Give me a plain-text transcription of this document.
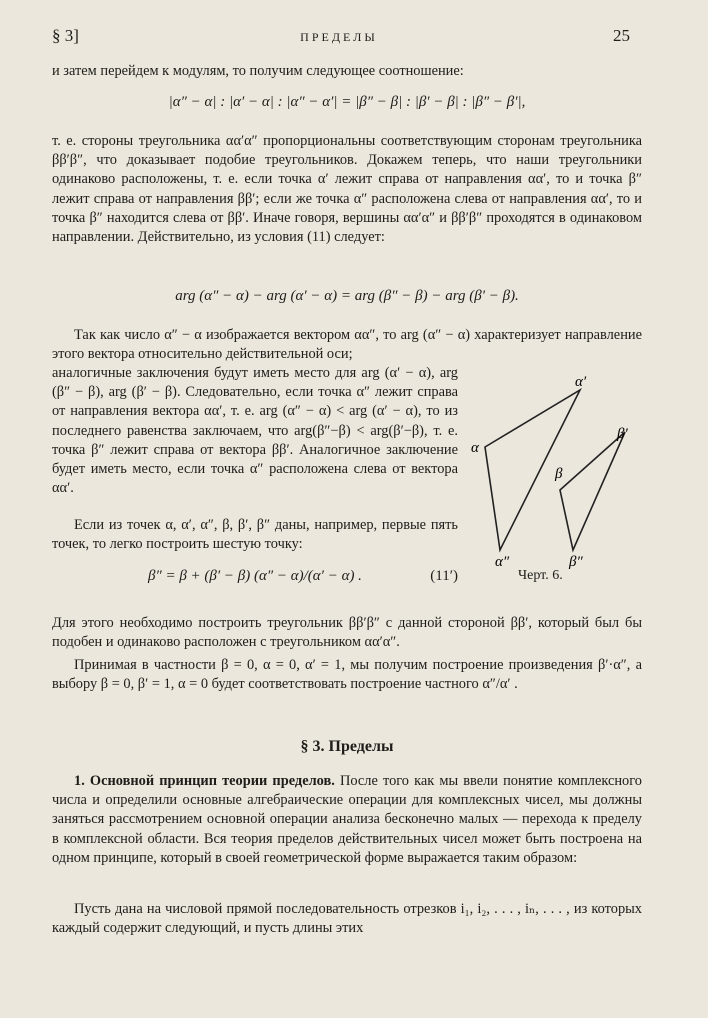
§ 3]	ПРЕДЕЛЫ	25

и затем перейдем к модулям, то получим следующее соотношение:

|α″ − α| : |α′ − α| : |α″ − α′| = |β″ − β| : |β′ − β| : |β″ − β′|,

т. е. стороны треугольника αα′α″ пропорциональны соответствующим сторонам треугольника ββ′β″, что доказывает подобие треугольников. Докажем теперь, что наши треугольники одинаково расположены, т. е. если точка α′ лежит справа от направления αα′, то и точка β″ лежит справа от направления ββ′; если же точка α″ расположена слева от направления αα′, то и точка β″ находится слева от ββ′. Иначе говоря, вершины αα′α″ и ββ′β″ проходятся в одинаковом направлении. Действительно, из условия (11) следует:

arg (α″ − α) − arg (α′ − α) = arg (β″ − β) − arg (β′ − β).

Так как число α″ − α изображается вектором αα″, то arg (α″ − α) характеризует направление этого вектора относительно действительной оси;

аналогичные заключения будут иметь место для arg (α′ − α), arg (β″ − β), arg (β′ − β). Следовательно, если точка α″ лежит справа от направления вектора αα′, т. е. arg (α″ − α) < arg (α′ − α), то из последнего равенства заключаем, что arg(β″−β) < arg(β′−β), т. е. точка β″ лежит справа от вектора ββ′. Аналогичное заключение будет иметь место, если точка α″ расположена слева от вектора αα′.

Если из точек α, α′, α″, β, β′, β″ даны, например, первые пять точек, то легко построить шестую точку:

β″ = β + (β′ − β) (α″ − α)/(α′ − α) .	(11′)
α
α′
α″
β
β′
β″
Черт. 6.

Для этого необходимо построить треугольник ββ′β″ с данной стороной ββ′, который был бы подобен и одинаково расположен с треугольником αα′α″.

Принимая в частности β = 0, α = 0, α′ = 1, мы получим построение произведения β′·α″, а выбору β = 0, β′ = 1, α = 0 будет соответствовать построение частного α″/α′ .

§ 3. Пределы

1. Основной принцип теории пределов. После того как мы ввели понятие комплексного числа и определили основные алгебраические операции для комплексных чисел, мы должны заняться рассмотрением основной операции анализа бесконечно малых — перехода к пределу в комплексной области. Вся теория пределов действительных чисел может быть построена на одном принципе, который в своей геометрической форме выражается таким образом:

Пусть дана на числовой прямой последовательность отрезков i₁, i₂, . . . , iₙ, . . . , из которых каждый содержит следующий, и пусть длины этих
